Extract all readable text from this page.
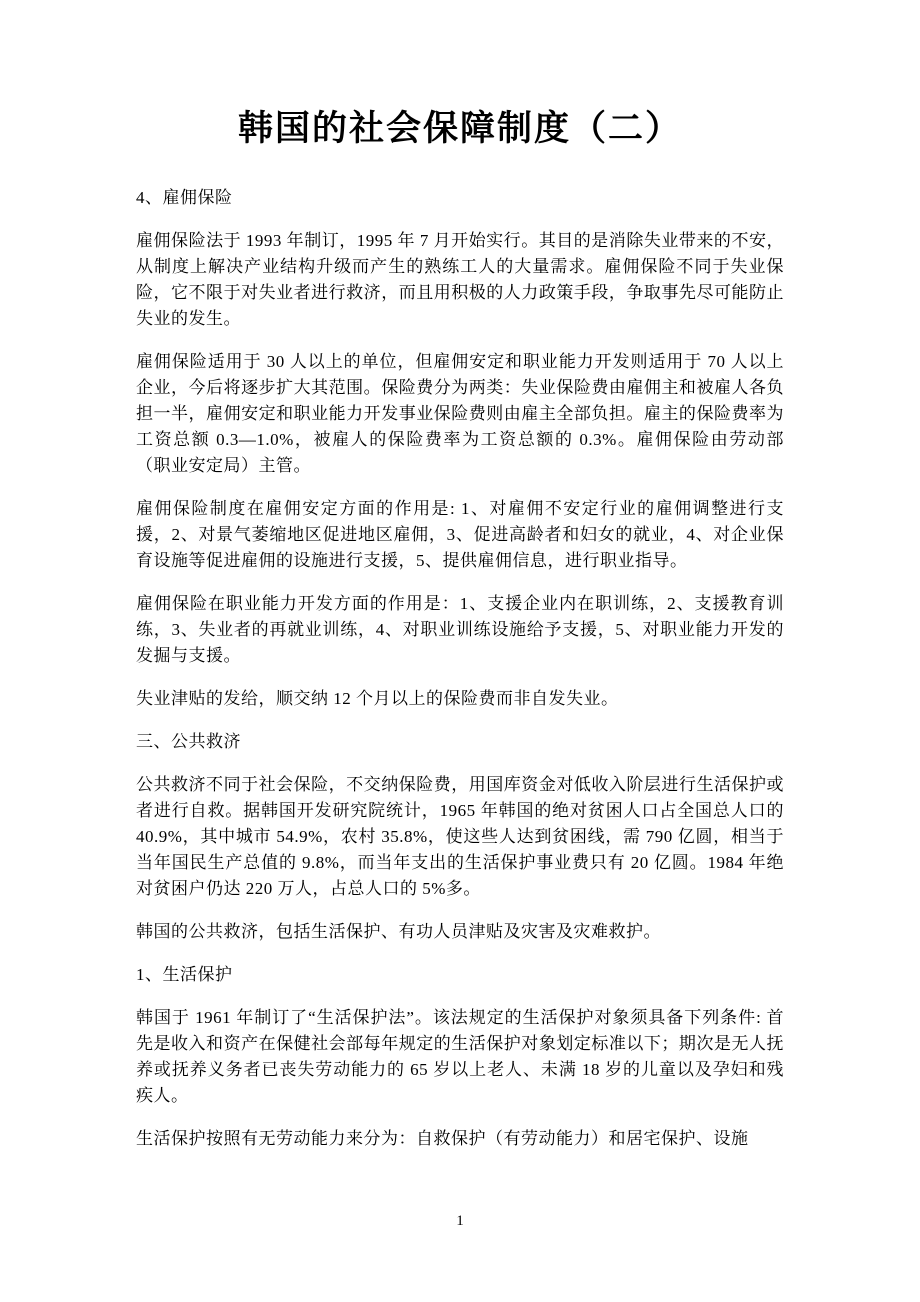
韩国的社会保障制度（二）

4、雇佣保险

雇佣保险法于 1993 年制订，1995 年 7 月开始实行。其目的是消除失业带来的不安，从制度上解决产业结构升级而产生的熟练工人的大量需求。雇佣保险不同于失业保险，它不限于对失业者进行救济，而且用积极的人力政策手段，争取事先尽可能防止失业的发生。

雇佣保险适用于 30 人以上的单位，但雇佣安定和职业能力开发则适用于 70 人以上企业，今后将逐步扩大其范围。保险费分为两类：失业保险费由雇佣主和被雇人各负担一半，雇佣安定和职业能力开发事业保险费则由雇主全部负担。雇主的保险费率为工资总额 0.3—1.0%，被雇人的保险费率为工资总额的 0.3%。雇佣保险由劳动部（职业安定局）主管。

雇佣保险制度在雇佣安定方面的作用是: 1、对雇佣不安定行业的雇佣调整进行支援，2、对景气萎缩地区促进地区雇佣，3、促进高龄者和妇女的就业，4、对企业保育设施等促进雇佣的设施进行支援，5、提供雇佣信息，进行职业指导。

雇佣保险在职业能力开发方面的作用是：1、支援企业内在职训练，2、支援教育训练，3、失业者的再就业训练，4、对职业训练设施给予支援，5、对职业能力开发的发掘与支援。

失业津贴的发给，顺交纳 12 个月以上的保险费而非自发失业。

三、公共救济

公共救济不同于社会保险，不交纳保险费，用国库资金对低收入阶层进行生活保护或者进行自救。据韩国开发研究院统计，1965 年韩国的绝对贫困人口占全国总人口的 40.9%，其中城市 54.9%，农村 35.8%，使这些人达到贫困线，需 790 亿圆，相当于当年国民生产总值的 9.8%，而当年支出的生活保护事业费只有 20 亿圆。1984 年绝对贫困户仍达 220 万人，占总人口的 5%多。

韩国的公共救济，包括生活保护、有功人员津贴及灾害及灾难救护。

1、生活保护

韩国于 1961 年制订了“生活保护法”。该法规定的生活保护对象须具备下列条件: 首先是收入和资产在保健社会部每年规定的生活保护对象划定标准以下；期次是无人抚养或抚养义务者已丧失劳动能力的 65 岁以上老人、未满 18 岁的儿童以及孕妇和残疾人。

生活保护按照有无劳动能力来分为：自救保护（有劳动能力）和居宅保护、设施

1
